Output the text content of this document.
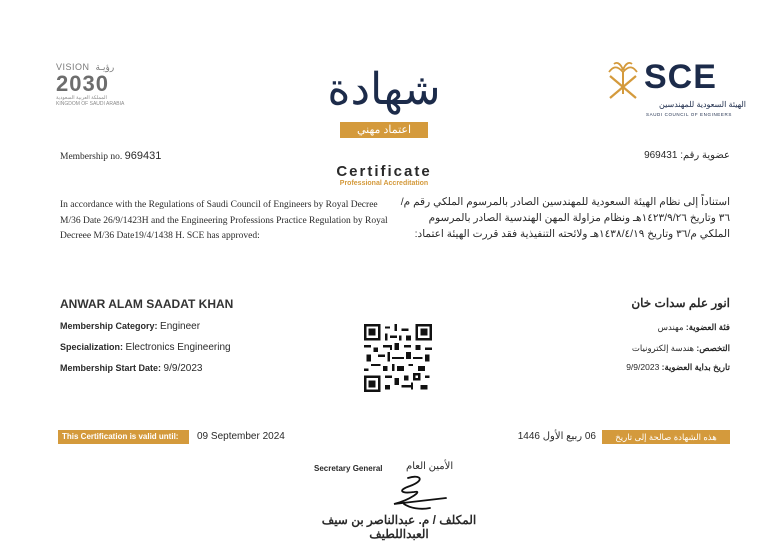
VISION رؤيـة
2030
المملكة العربية السعودية
KINGDOM OF SAUDI ARABIA
SCE
الهيئة السعودية للمهندسين
SAUDI COUNCIL OF ENGINEERS
شهادة
اعتماد مهني
Certificate
Professional Accreditation
Membership no. 969431	عضوية رقم: 969431
In accordance with the Regulations of Saudi Council of Engineers by Royal Decree M/36 Date 26/9/1423H and the Engineering Professions Practice Regulation by Royal Decreee M/36 Date19/4/1438 H. SCE has approved:
استناداً إلى نظام الهيئة السعودية للمهندسين الصادر بالمرسوم الملكي رقم م/٣٦ وتاريخ ١٤٢٣/٩/٢٦هـ ونظام مزاولة المهن الهندسية الصادر بالمرسوم الملكي م/٣٦ وتاريخ ١٤٣٨/٤/١٩هـ ولائحته التنفيذية فقد قررت الهيئة اعتماد:
ANWAR ALAM SAADAT KHAN
Membership Category: Engineer
Specialization: Electronics Engineering
Membership Start Date: 9/9/2023
انور علم سدات خان
فئة العضوية: مهندس
التخصص: هندسة إلكترونيات
تاريخ بداية العضوية: 9/9/2023
This Certification is valid until:	09 September 2024	06 ربيع الأول 1446	هذه الشهادة صالحة إلى تاريخ
Secretary General الأمين العام
المكلف / م. عبدالناصر بن سيف العبداللطيف
